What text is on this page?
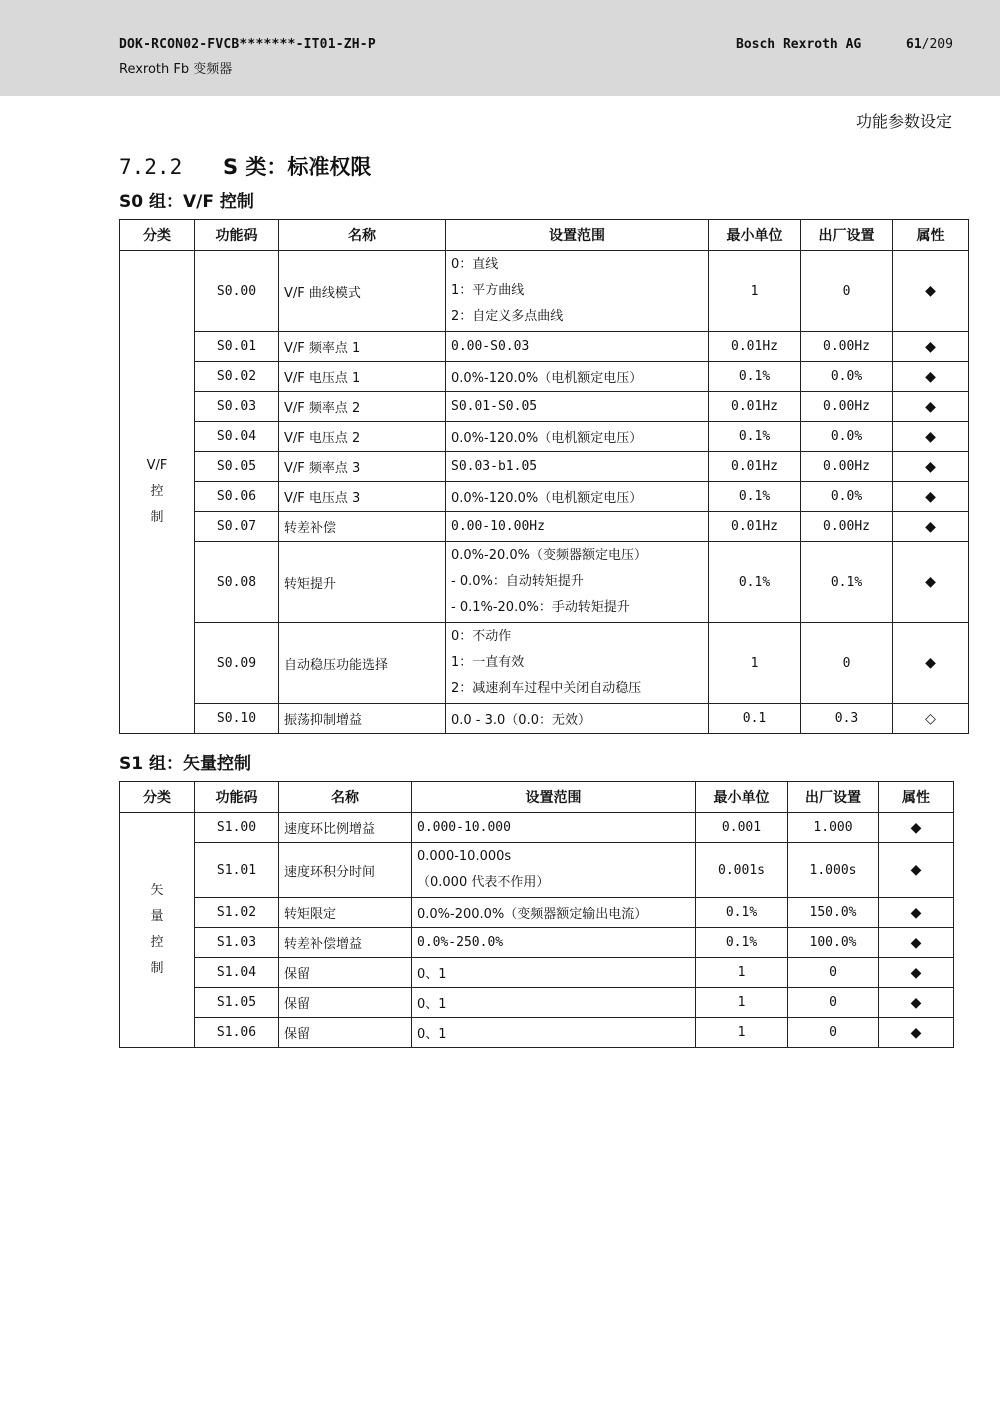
DOK-RCON02-FVCB*******-IT01-ZH-P
Rexroth Fb 变频器
Bosch Rexroth AG	61/209
功能参数设定
7.2.2 S 类：标准权限
S0 组：V/F 控制
分类	功能码	名称	设置范围	最小单位	出厂设置	属性

V/F
控
制	S0.00	V/F 曲线模式	0：直线
1：平方曲线
2：自定义多点曲线	1	0	◆
	S0.01	V/F 频率点 1	0.00-S0.03	0.01Hz	0.00Hz	◆
	S0.02	V/F 电压点 1	0.0%-120.0%（电机额定电压）	0.1%	0.0%	◆
	S0.03	V/F 频率点 2	S0.01-S0.05	0.01Hz	0.00Hz	◆
	S0.04	V/F 电压点 2	0.0%-120.0%（电机额定电压）	0.1%	0.0%	◆
	S0.05	V/F 频率点 3	S0.03-b1.05	0.01Hz	0.00Hz	◆
	S0.06	V/F 电压点 3	0.0%-120.0%（电机额定电压）	0.1%	0.0%	◆
	S0.07	转差补偿	0.00-10.00Hz	0.01Hz	0.00Hz	◆
	S0.08	转矩提升	0.0%-20.0%（变频器额定电压）
- 0.0%：自动转矩提升
- 0.1%-20.0%：手动转矩提升	0.1%	0.1%	◆
	S0.09	自动稳压功能选择	0：不动作
1：一直有效
2：减速刹车过程中关闭自动稳压	1	0	◆
	S0.10	振荡抑制增益	0.0 - 3.0（0.0：无效）	0.1	0.3	◇
S1 组：矢量控制
分类	功能码	名称	设置范围	最小单位	出厂设置	属性

矢
量
控
制	S1.00	速度环比例增益	0.000-10.000	0.001	1.000	◆
	S1.01	速度环积分时间	0.000-10.000s
（0.000 代表不作用）	0.001s	1.000s	◆
	S1.02	转矩限定	0.0%-200.0%（变频器额定输出电流）	0.1%	150.0%	◆
	S1.03	转差补偿增益	0.0%-250.0%	0.1%	100.0%	◆
	S1.04	保留	0、1	1	0	◆
	S1.05	保留	0、1	1	0	◆
	S1.06	保留	0、1	1	0	◆
